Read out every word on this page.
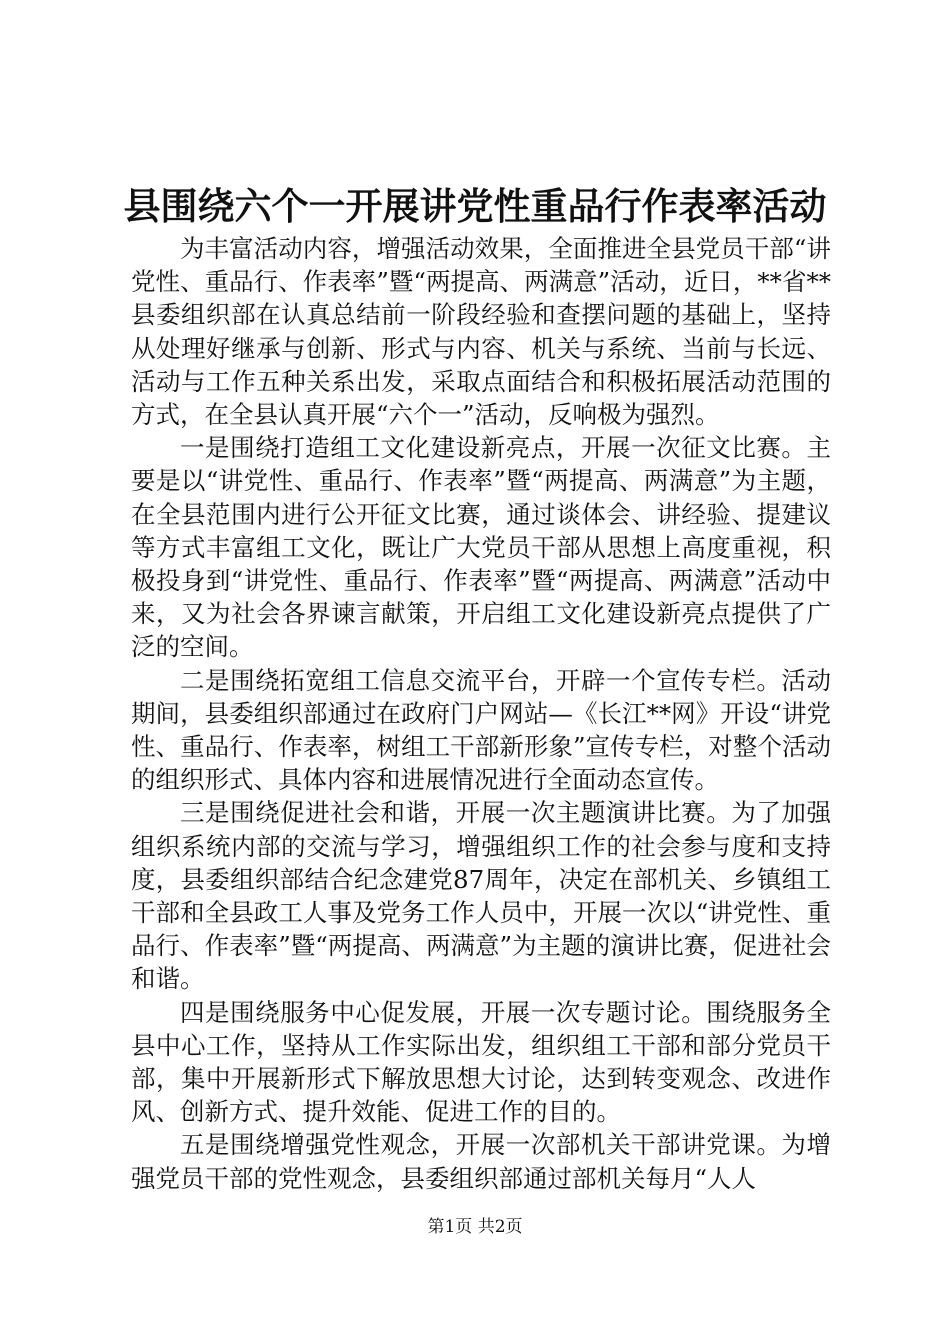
县围绕六个一开展讲党性重品行作表率活动

为丰富活动内容，增强活动效果，全面推进全县党员干部“讲党性、重品行、作表率”暨“两提高、两满意”活动，近日，**省**县委组织部在认真总结前一阶段经验和查摆问题的基础上，坚持从处理好继承与创新、形式与内容、机关与系统、当前与长远、活动与工作五种关系出发，采取点面结合和积极拓展活动范围的方式，在全县认真开展“六个一”活动，反响极为强烈。

一是围绕打造组工文化建设新亮点，开展一次征文比赛。主要是以“讲党性、重品行、作表率”暨“两提高、两满意”为主题，在全县范围内进行公开征文比赛，通过谈体会、讲经验、提建议等方式丰富组工文化，既让广大党员干部从思想上高度重视，积极投身到“讲党性、重品行、作表率”暨“两提高、两满意”活动中来，又为社会各界谏言献策，开启组工文化建设新亮点提供了广泛的空间。

二是围绕拓宽组工信息交流平台，开辟一个宣传专栏。活动期间，县委组织部通过在政府门户网站—《长江**网》开设“讲党性、重品行、作表率，树组工干部新形象”宣传专栏，对整个活动的组织形式、具体内容和进展情况进行全面动态宣传。

三是围绕促进社会和谐，开展一次主题演讲比赛。为了加强组织系统内部的交流与学习，增强组织工作的社会参与度和支持度，县委组织部结合纪念建党87周年，决定在部机关、乡镇组工干部和全县政工人事及党务工作人员中，开展一次以“讲党性、重品行、作表率”暨“两提高、两满意”为主题的演讲比赛，促进社会和谐。

四是围绕服务中心促发展，开展一次专题讨论。围绕服务全县中心工作，坚持从工作实际出发，组织组工干部和部分党员干部，集中开展新形式下解放思想大讨论，达到转变观念、改进作风、创新方式、提升效能、促进工作的目的。

五是围绕增强党性观念，开展一次部机关干部讲党课。为增强党员干部的党性观念，县委组织部通过部机关每月“人人

第1页 共2页
